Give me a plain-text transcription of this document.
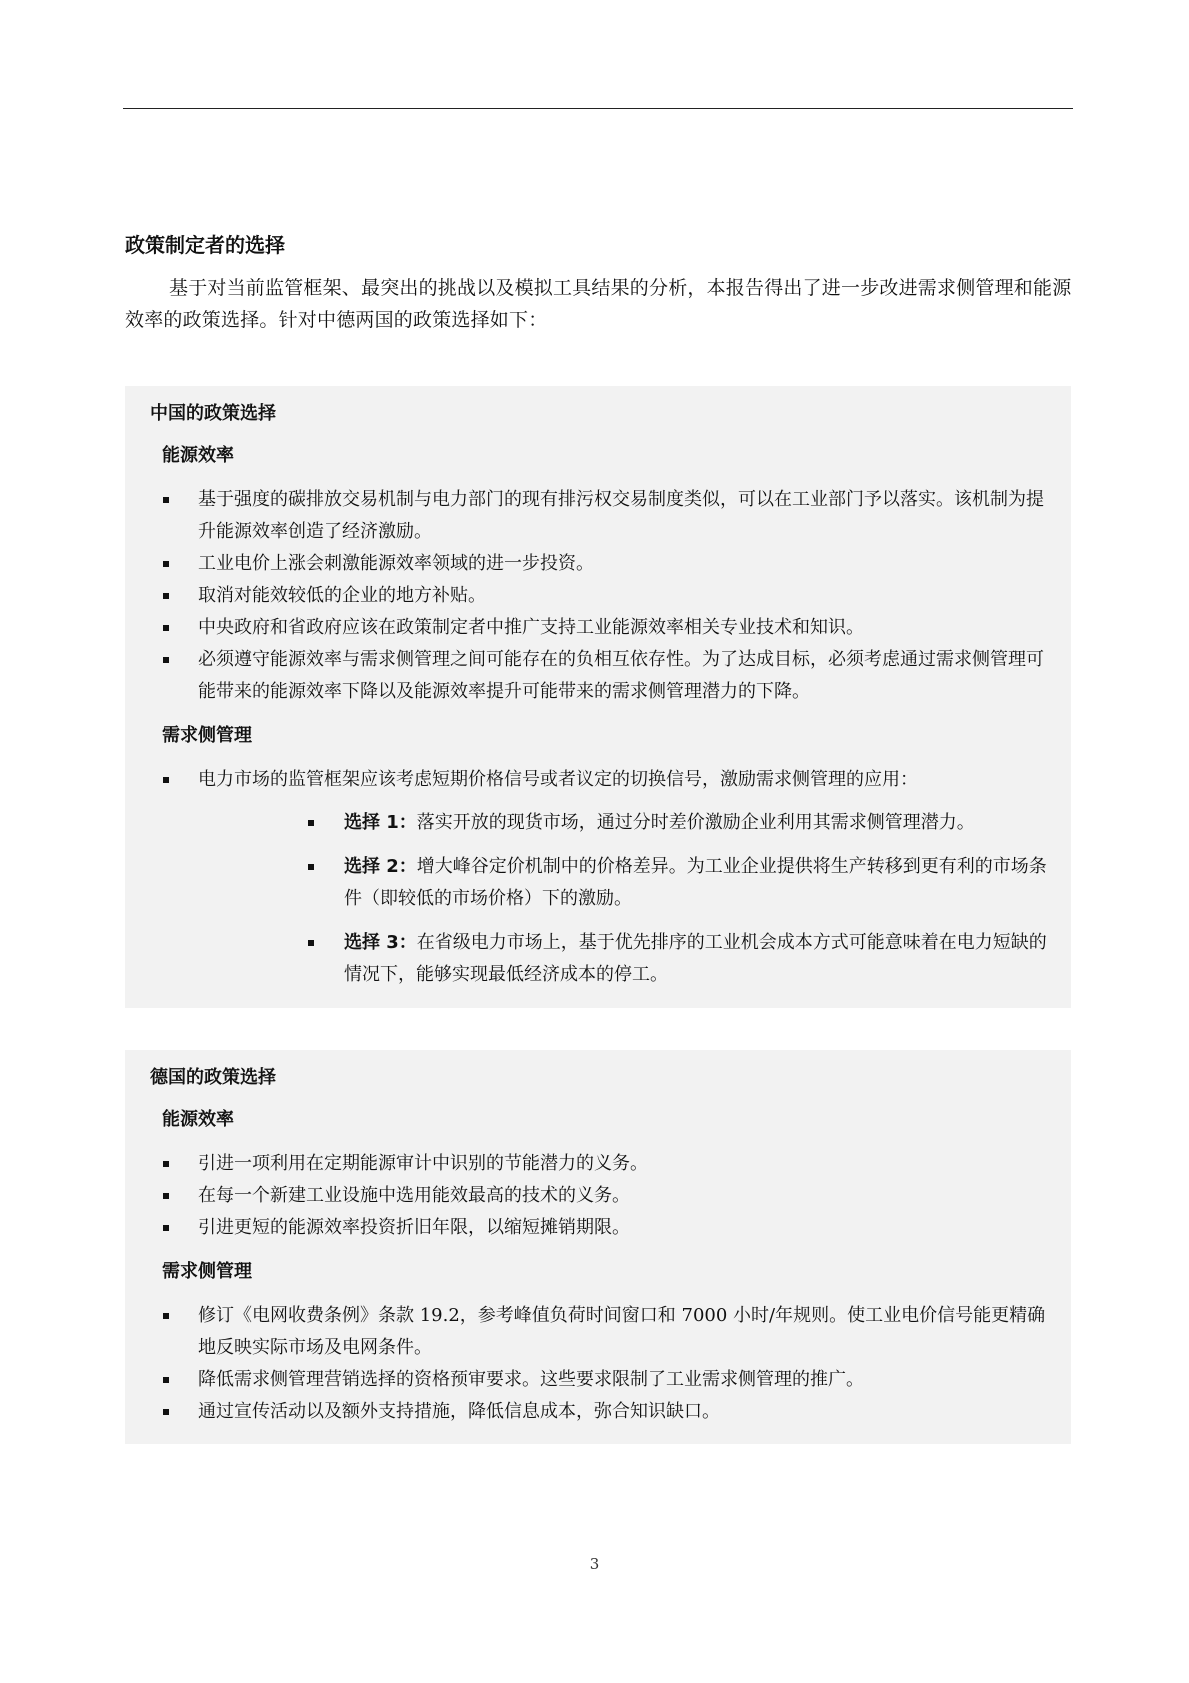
政策制定者的选择

基于对当前监管框架、最突出的挑战以及模拟工具结果的分析，本报告得出了进一步改进需求侧管理和能源效率的政策选择。针对中德两国的政策选择如下：

中国的政策选择
能源效率
基于强度的碳排放交易机制与电力部门的现有排污权交易制度类似，可以在工业部门予以落实。该机制为提升能源效率创造了经济激励。
工业电价上涨会刺激能源效率领域的进一步投资。
取消对能效较低的企业的地方补贴。
中央政府和省政府应该在政策制定者中推广支持工业能源效率相关专业技术和知识。
必须遵守能源效率与需求侧管理之间可能存在的负相互依存性。为了达成目标，必须考虑通过需求侧管理可能带来的能源效率下降以及能源效率提升可能带来的需求侧管理潜力的下降。
需求侧管理
电力市场的监管框架应该考虑短期价格信号或者议定的切换信号，激励需求侧管理的应用：
选择 1：落实开放的现货市场，通过分时差价激励企业利用其需求侧管理潜力。
选择 2：增大峰谷定价机制中的价格差异。为工业企业提供将生产转移到更有利的市场条件（即较低的市场价格）下的激励。
选择 3：在省级电力市场上，基于优先排序的工业机会成本方式可能意味着在电力短缺的情况下，能够实现最低经济成本的停工。
德国的政策选择
能源效率
引进一项利用在定期能源审计中识别的节能潜力的义务。
在每一个新建工业设施中选用能效最高的技术的义务。
引进更短的能源效率投资折旧年限，以缩短摊销期限。
需求侧管理
修订《电网收费条例》条款 19.2，参考峰值负荷时间窗口和 7000 小时/年规则。使工业电价信号能更精确地反映实际市场及电网条件。
降低需求侧管理营销选择的资格预审要求。这些要求限制了工业需求侧管理的推广。
通过宣传活动以及额外支持措施，降低信息成本，弥合知识缺口。
3
